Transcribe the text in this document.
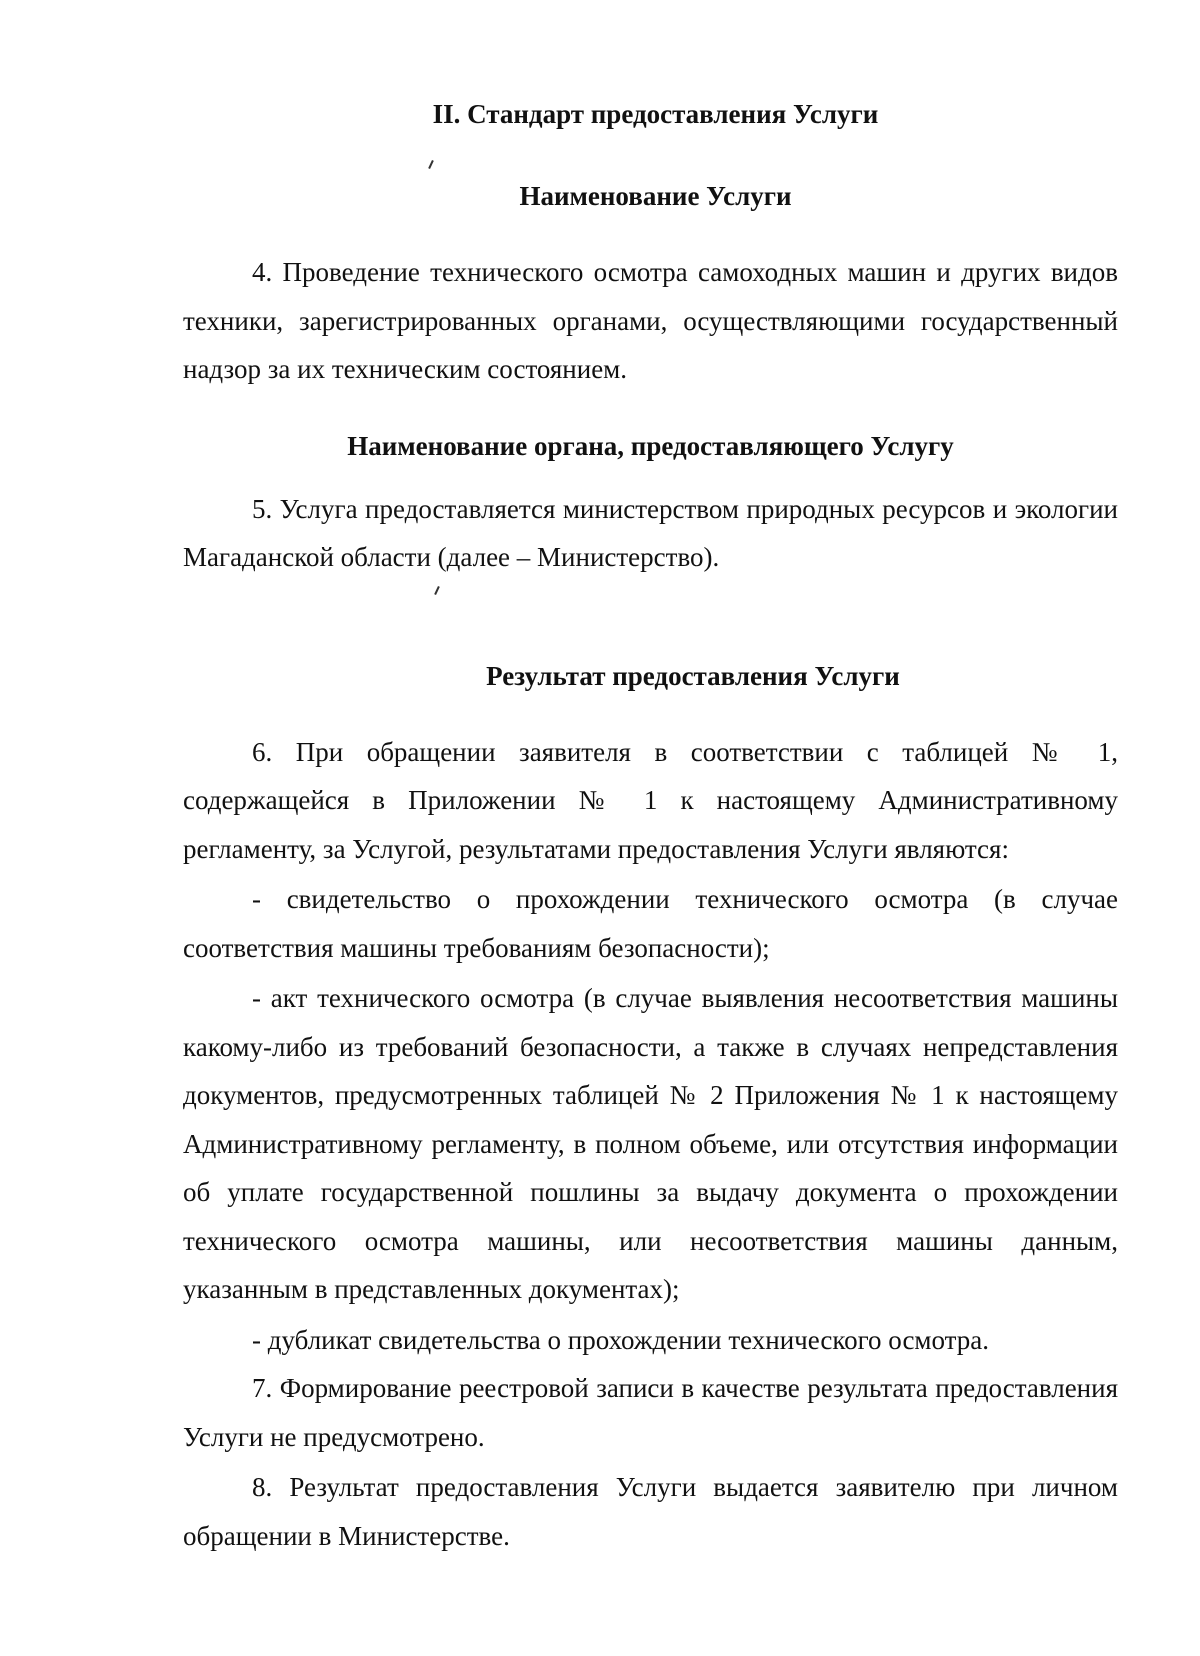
II. Стандарт предоставления Услуги
Наименование Услуги

4. Проведение технического осмотра самоходных машин и других видов техники, зарегистрированных органами, осуществляющими государственный надзор за их техническим состоянием.

Наименование органа, предоставляющего Услугу

5. Услуга предоставляется министерством природных ресурсов и экологии Магаданской области (далее – Министерство).

Результат предоставления Услуги

6. При обращении заявителя в соответствии с таблицей № 1, содержащейся в Приложении № 1 к настоящему Административному регламенту, за Услугой, результатами предоставления Услуги являются:

- свидетельство о прохождении технического осмотра (в случае соответствия машины требованиям безопасности);

- акт технического осмотра (в случае выявления несоответствия машины какому-либо из требований безопасности, а также в случаях непредставления документов, предусмотренных таблицей № 2 Приложения № 1 к настоящему Административному регламенту, в полном объеме, или отсутствия информации об уплате государственной пошлины за выдачу документа о прохождении технического осмотра машины, или несоответствия машины данным, указанным в представленных документах);

- дубликат свидетельства о прохождении технического осмотра.

7. Формирование реестровой записи в качестве результата предоставления Услуги не предусмотрено.

8. Результат предоставления Услуги выдается заявителю при личном обращении в Министерстве.
